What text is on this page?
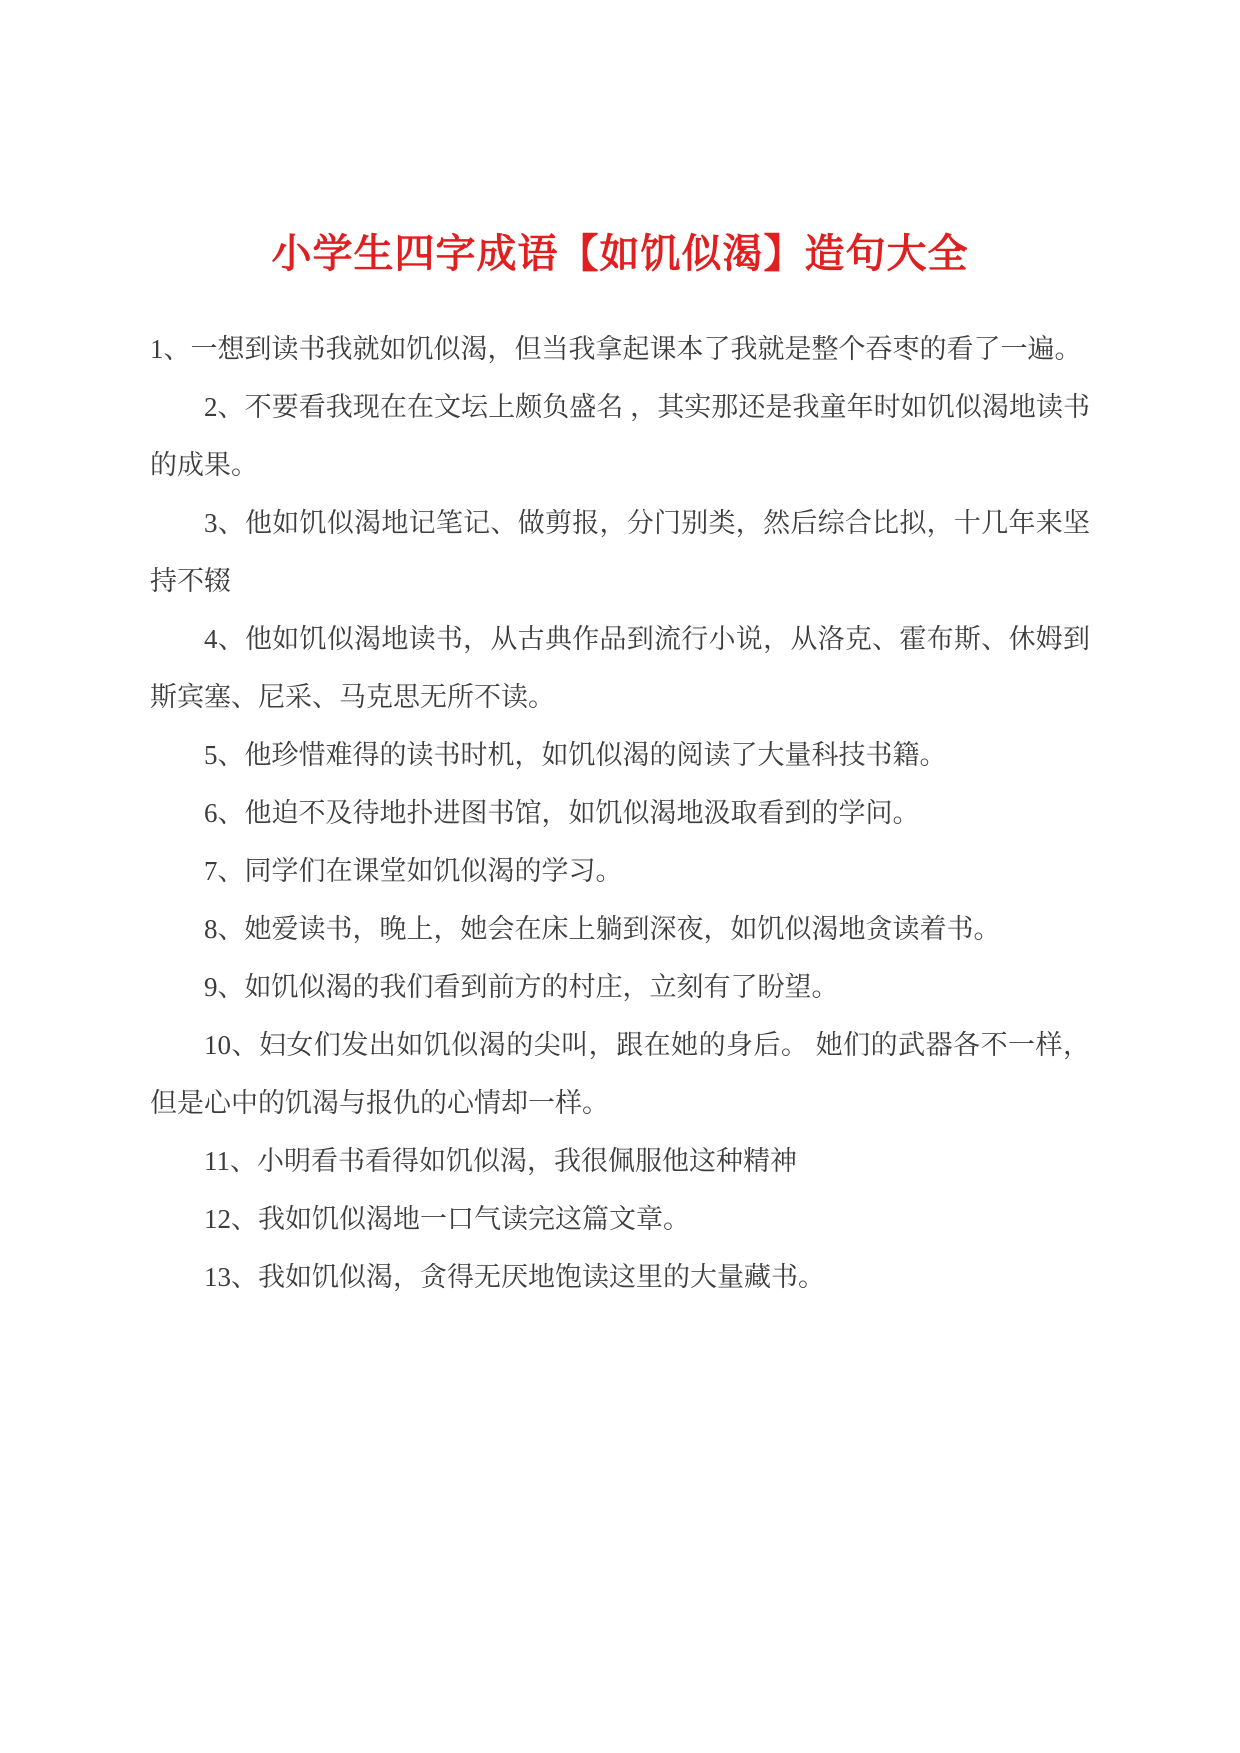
小学生四字成语【如饥似渴】造句大全

1、一想到读书我就如饥似渴，但当我拿起课本了我就是整个吞枣的看了一遍。

2、不要看我现在在文坛上颇负盛名 ，其实那还是我童年时如饥似渴地读书的成果。

3、他如饥似渴地记笔记、做剪报，分门别类，然后综合比拟，十几年来坚持不辍

4、他如饥似渴地读书，从古典作品到流行小说，从洛克、霍布斯、休姆到斯宾塞、尼采、马克思无所不读。

5、他珍惜难得的读书时机，如饥似渴的阅读了大量科技书籍。

6、他迫不及待地扑进图书馆，如饥似渴地汲取看到的学问。

7、同学们在课堂如饥似渴的学习。

8、她爱读书，晚上，她会在床上躺到深夜，如饥似渴地贪读着书。

9、如饥似渴的我们看到前方的村庄，立刻有了盼望。

10、妇女们发出如饥似渴的尖叫，跟在她的身后。 她们的武器各不一样，但是心中的饥渴与报仇的心情却一样。

11、小明看书看得如饥似渴，我很佩服他这种精神

12、我如饥似渴地一口气读完这篇文章。

13、我如饥似渴，贪得无厌地饱读这里的大量藏书。
